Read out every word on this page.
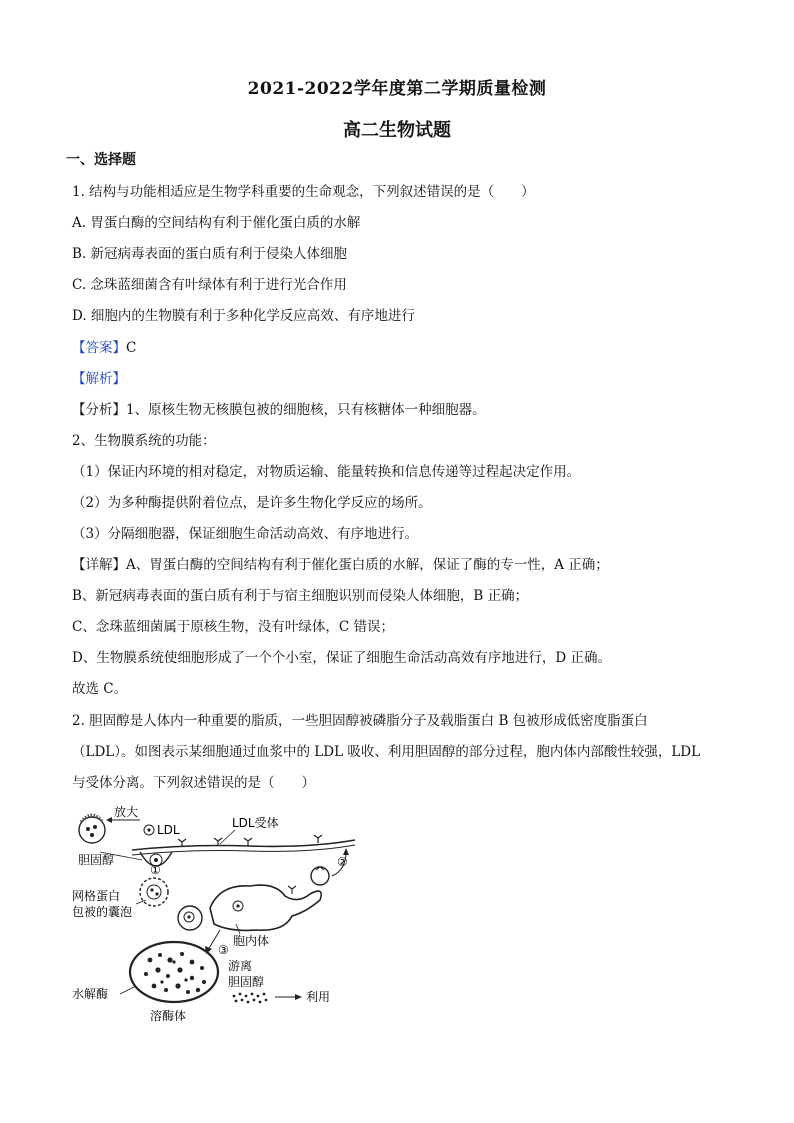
2021-2022学年度第二学期质量检测
高二生物试题
一、选择题
1. 结构与功能相适应是生物学科重要的生命观念，下列叙述错误的是（　　）
A. 胃蛋白酶的空间结构有利于催化蛋白质的水解
B. 新冠病毒表面的蛋白质有利于侵染人体细胞
C. 念珠蓝细菌含有叶绿体有利于进行光合作用
D. 细胞内的生物膜有利于多种化学反应高效、有序地进行
【答案】C
【解析】
【分析】1、原核生物无核膜包被的细胞核，只有核糖体一种细胞器。
2、生物膜系统的功能：
（1）保证内环境的相对稳定，对物质运输、能量转换和信息传递等过程起决定作用。
（2）为多种酶提供附着位点，是许多生物化学反应的场所。
（3）分隔细胞器，保证细胞生命活动高效、有序地进行。
【详解】A、胃蛋白酶的空间结构有利于催化蛋白质的水解，保证了酶的专一性，A 正确；
B、新冠病毒表面的蛋白质有利于与宿主细胞识别而侵染人体细胞，B 正确；
C、念珠蓝细菌属于原核生物，没有叶绿体，C 错误；
D、生物膜系统使细胞形成了一个个小室，保证了细胞生命活动高效有序地进行，D 正确。
故选 C。
2. 胆固醇是人体内一种重要的脂质，一些胆固醇被磷脂分子及载脂蛋白 B 包被形成低密度脂蛋白
（LDL）。如图表示某细胞通过血浆中的 LDL 吸收、利用胆固醇的部分过程，胞内体内部酸性较强，LDL
与受体分离。下列叙述错误的是（　　）
放大
LDL
胆固醇
LDL受体
①
网格蛋白
包被的囊泡
胞内体
②
③
水解酶
溶酶体
游离
胆固醇
利用
